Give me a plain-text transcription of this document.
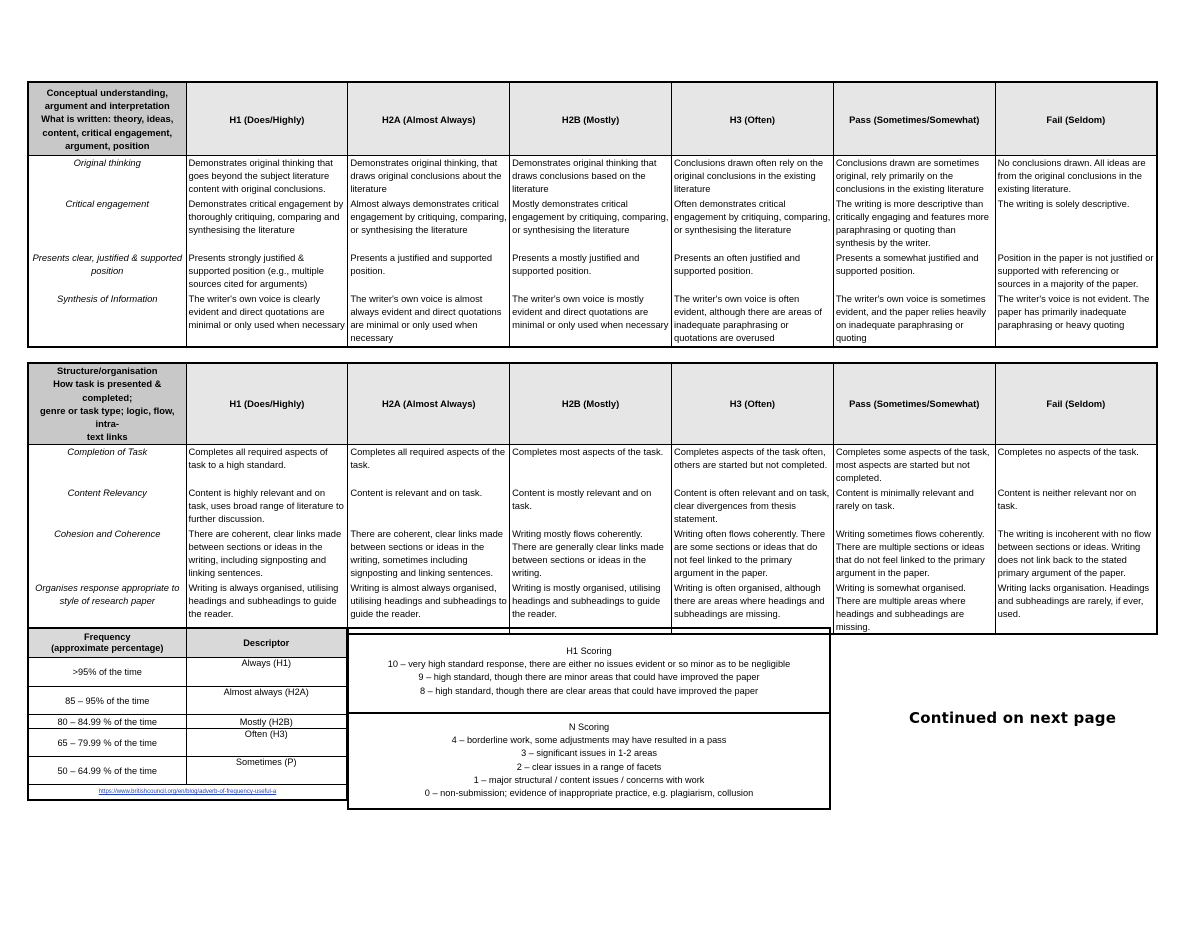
Conceptual understanding,
argument and interpretation
What is written: theory, ideas,
content, critical engagement,
argument, position	H1 (Does/Highly)	H2A (Almost Always)	H2B (Mostly)	H3 (Often)	Pass (Sometimes/Somewhat)	Fail (Seldom)
Original thinking	Demonstrates original thinking that goes beyond the subject literature content with original conclusions.	Demonstrates original thinking, that draws original conclusions about the literature	Demonstrates original thinking that draws conclusions based on the literature	Conclusions drawn often rely on the original conclusions in the existing literature	Conclusions drawn are sometimes original, rely primarily on the conclusions in the existing literature	No conclusions drawn. All ideas are from the original conclusions in the existing literature.
Critical engagement	Demonstrates critical engagement by thoroughly critiquing, comparing and synthesising the literature	Almost always demonstrates critical engagement by critiquing, comparing, or synthesising the literature	Mostly demonstrates critical engagement by critiquing, comparing, or synthesising the literature	Often demonstrates critical engagement by critiquing, comparing, or synthesising the literature	The writing is more descriptive than critically engaging and features more paraphrasing or quoting than synthesis by the writer.	The writing is solely descriptive.
Presents clear, justified & supported position	Presents strongly justified & supported position (e.g., multiple sources cited for arguments)	Presents a justified and supported position.	Presents a mostly justified and supported position.	Presents an often justified and supported position.	Presents a somewhat justified and supported position.	Position in the paper is not justified or supported with referencing or sources in a majority of the paper.
Synthesis of Information	The writer's own voice is clearly evident and direct quotations are minimal or only used when necessary	The writer's own voice is almost always evident and direct quotations are minimal or only used when necessary	The writer's own voice is mostly evident and direct quotations are minimal or only used when necessary	The writer's own voice is often evident, although there are areas of inadequate paraphrasing or quotations are overused	The writer's own voice is sometimes evident, and the paper relies heavily on inadequate paraphrasing or quoting	The writer's voice is not evident. The paper has primarily inadequate paraphrasing or heavy quoting
Structure/organisation
How task is presented & completed;
genre or task type; logic, flow, intra-
text links	H1 (Does/Highly)	H2A (Almost Always)	H2B (Mostly)	H3 (Often)	Pass (Sometimes/Somewhat)	Fail (Seldom)
Completion of Task	Completes all required aspects of task to a high standard.	Completes all required aspects of the task.	Completes most aspects of the task.	Completes aspects of the task often, others are started but not completed.	Completes some aspects of the task, most aspects are started but not completed.	Completes no aspects of the task.
Content Relevancy	Content is highly relevant and on task, uses broad range of literature to further discussion.	Content is relevant and on task.	Content is mostly relevant and on task.	Content is often relevant and on task, clear divergences from thesis statement.	Content is minimally relevant and rarely on task.	Content is neither relevant nor on task.
Cohesion and Coherence	There are coherent, clear links made between sections or ideas in the writing, including signposting and linking sentences.	There are coherent, clear links made between sections or ideas in the writing, sometimes including signposting and linking sentences.	Writing mostly flows coherently. There are generally clear links made between sections or ideas in the writing.	Writing often flows coherently. There are some sections or ideas that do not feel linked to the primary argument in the paper.	Writing sometimes flows coherently. There are multiple sections or ideas that do not feel linked to the primary argument in the paper.	The writing is incoherent with no flow between sections or ideas. Writing does not link back to the stated primary argument of the paper.
Organises response appropriate to style of research paper	Writing is always organised, utilising headings and subheadings to guide the reader.	Writing is almost always organised, utilising headings and subheadings to guide the reader.	Writing is mostly organised, utilising headings and subheadings to guide the reader.	Writing is often organised, although there are areas where headings and subheadings are missing.	Writing is somewhat organised. There are multiple areas where headings and subheadings are missing.	Writing lacks organisation. Headings and subheadings are rarely, if ever, used.
Frequency
(approximate percentage)	Descriptor
>95% of the time	Always (H1)
85 – 95% of the time	Almost always (H2A)
80 – 84.99 % of the time	Mostly (H2B)
65 – 79.99 % of the time	Often (H3)
50 – 64.99 % of the time	Sometimes (P)
https://www.britishcouncil.org/en/blog/adverb-of-frequency-useful-a	
H1 Scoring
10 – very high standard response, there are either no issues evident or so minor as to be negligible
9 – high standard, though there are minor areas that could have improved the paper
8 – high standard, though there are clear areas that could have improved the paper
N Scoring
4 – borderline work, some adjustments may have resulted in a pass
3 – significant issues in 1-2 areas
2 – clear issues in a range of facets
1 – major structural / content issues / concerns with work
0 – non-submission; evidence of inappropriate practice, e.g. plagiarism, collusion
Continued on next page
